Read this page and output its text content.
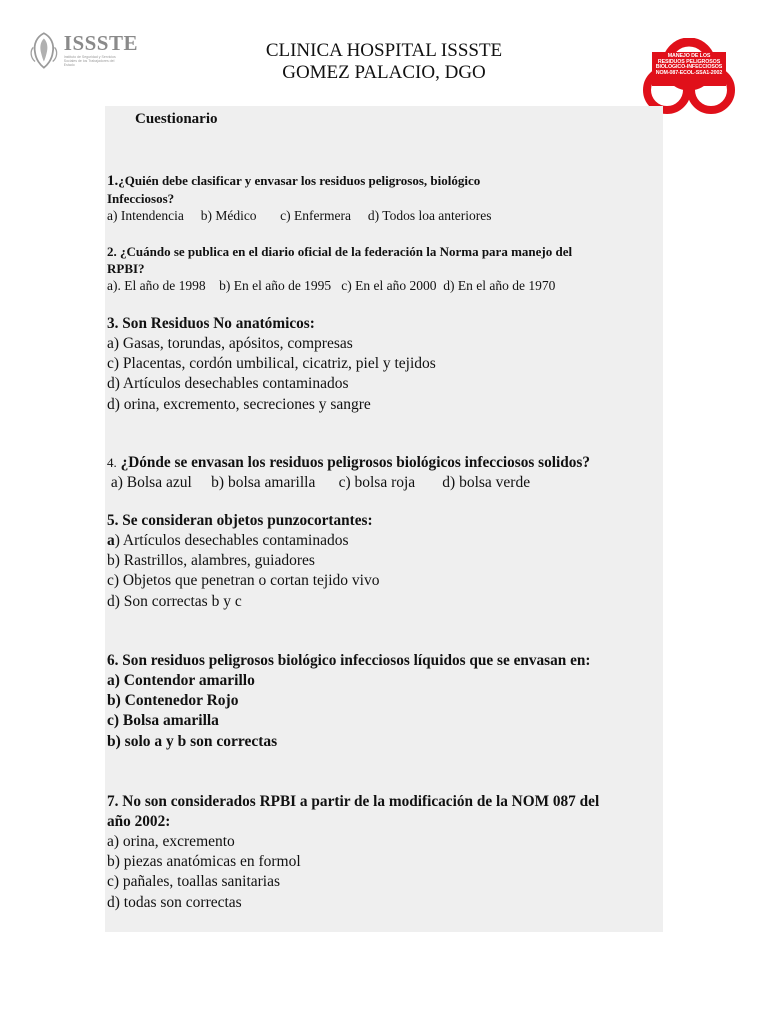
ISSSTE
Instituto de Seguridad y Servicios Sociales de los Trabajadores del Estado
CLINICA HOSPITAL ISSSTE
GOMEZ PALACIO, DGO
MANEJO DE LOS RESIDUOS PELIGROSOS BIOLOGICO-INFECCIOSOS NOM-087-ECOL-SSA1-2002
Cuestionario
1.¿Quién debe clasificar y envasar los residuos peligrosos, biológico
Infecciosos?
a) Intendencia     b) Médico       c) Enfermera     d) Todos loa anteriores
2. ¿Cuándo se publica en el diario oficial de la federación la Norma para manejo del
RPBI?
a). El año de 1998    b) En el año de 1995   c) En el año 2000  d) En el año de 1970
3. Son Residuos No anatómicos:
a) Gasas, torundas, apósitos, compresas
c) Placentas, cordón umbilical, cicatriz, piel y tejidos
d) Artículos desechables contaminados
d) orina, excremento, secreciones y sangre
4. ¿Dónde se envasan los residuos peligrosos biológicos infecciosos solidos?
a) Bolsa azul     b) bolsa amarilla      c) bolsa roja       d) bolsa verde
5. Se consideran objetos punzocortantes:
a) Artículos desechables contaminados
b) Rastrillos, alambres, guiadores
c) Objetos que penetran o cortan tejido vivo
d) Son correctas b y c
6. Son residuos peligrosos biológico infecciosos líquidos que se envasan en:
a) Contendor amarillo
b) Contenedor Rojo
c) Bolsa amarilla
b) solo a y b son correctas
7. No son considerados RPBI a partir de la modificación de la NOM 087 del
año 2002:
a) orina, excremento
b) piezas anatómicas en formol
c) pañales, toallas sanitarias
d) todas son correctas
